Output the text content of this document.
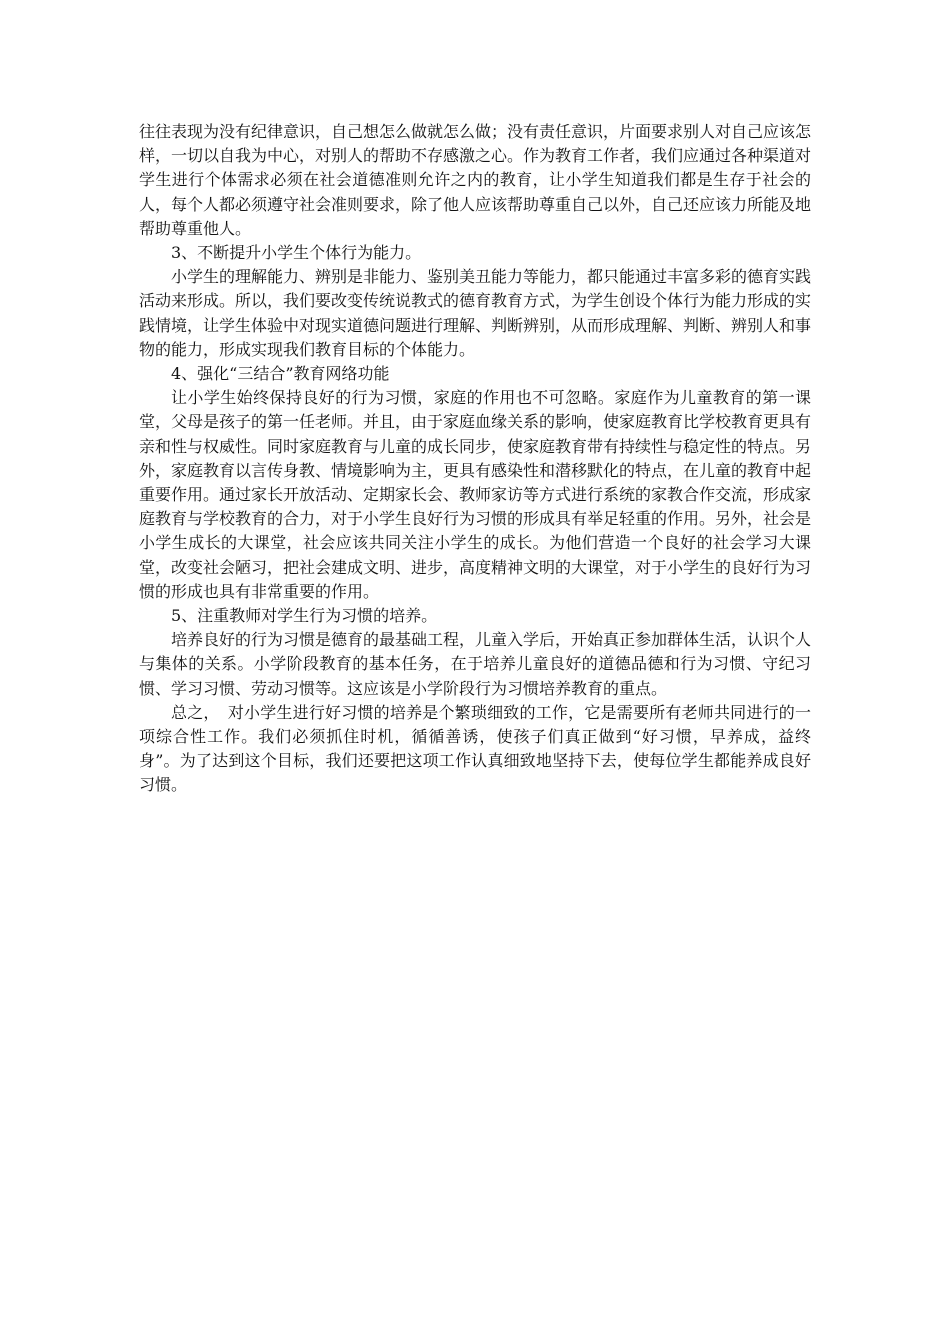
往往表现为没有纪律意识，自己想怎么做就怎么做；没有责任意识，片面要求别人对自己应该怎样，一切以自我为中心，对别人的帮助不存感激之心。作为教育工作者，我们应通过各种渠道对学生进行个体需求必须在社会道德准则允许之内的教育，让小学生知道我们都是生存于社会的人，每个人都必须遵守社会准则要求，除了他人应该帮助尊重自己以外，自己还应该力所能及地帮助尊重他人。

3、不断提升小学生个体行为能力。

小学生的理解能力、辨别是非能力、鉴别美丑能力等能力，都只能通过丰富多彩的德育实践活动来形成。所以，我们要改变传统说教式的德育教育方式，为学生创设个体行为能力形成的实践情境，让学生体验中对现实道德问题进行理解、判断辨别，从而形成理解、判断、辨别人和事物的能力，形成实现我们教育目标的个体能力。

4、强化“三结合”教育网络功能

让小学生始终保持良好的行为习惯，家庭的作用也不可忽略。家庭作为儿童教育的第一课堂，父母是孩子的第一任老师。并且，由于家庭血缘关系的影响，使家庭教育比学校教育更具有亲和性与权威性。同时家庭教育与儿童的成长同步，使家庭教育带有持续性与稳定性的特点。另外，家庭教育以言传身教、情境影响为主，更具有感染性和潜移默化的特点，在儿童的教育中起重要作用。通过家长开放活动、定期家长会、教师家访等方式进行系统的家教合作交流，形成家庭教育与学校教育的合力，对于小学生良好行为习惯的形成具有举足轻重的作用。另外，社会是小学生成长的大课堂，社会应该共同关注小学生的成长。为他们营造一个良好的社会学习大课堂，改变社会陋习，把社会建成文明、进步，高度精神文明的大课堂，对于小学生的良好行为习惯的形成也具有非常重要的作用。

5、注重教师对学生行为习惯的培养。

培养良好的行为习惯是德育的最基础工程，儿童入学后，开始真正参加群体生活，认识个人与集体的关系。小学阶段教育的基本任务，在于培养儿童良好的道德品德和行为习惯、守纪习惯、学习习惯、劳动习惯等。这应该是小学阶段行为习惯培养教育的重点。

总之，　对小学生进行好习惯的培养是个繁琐细致的工作，它是需要所有老师共同进行的一项综合性工作。我们必须抓住时机，循循善诱，使孩子们真正做到“好习惯，早养成，益终身”。为了达到这个目标，我们还要把这项工作认真细致地坚持下去，使每位学生都能养成良好习惯。
